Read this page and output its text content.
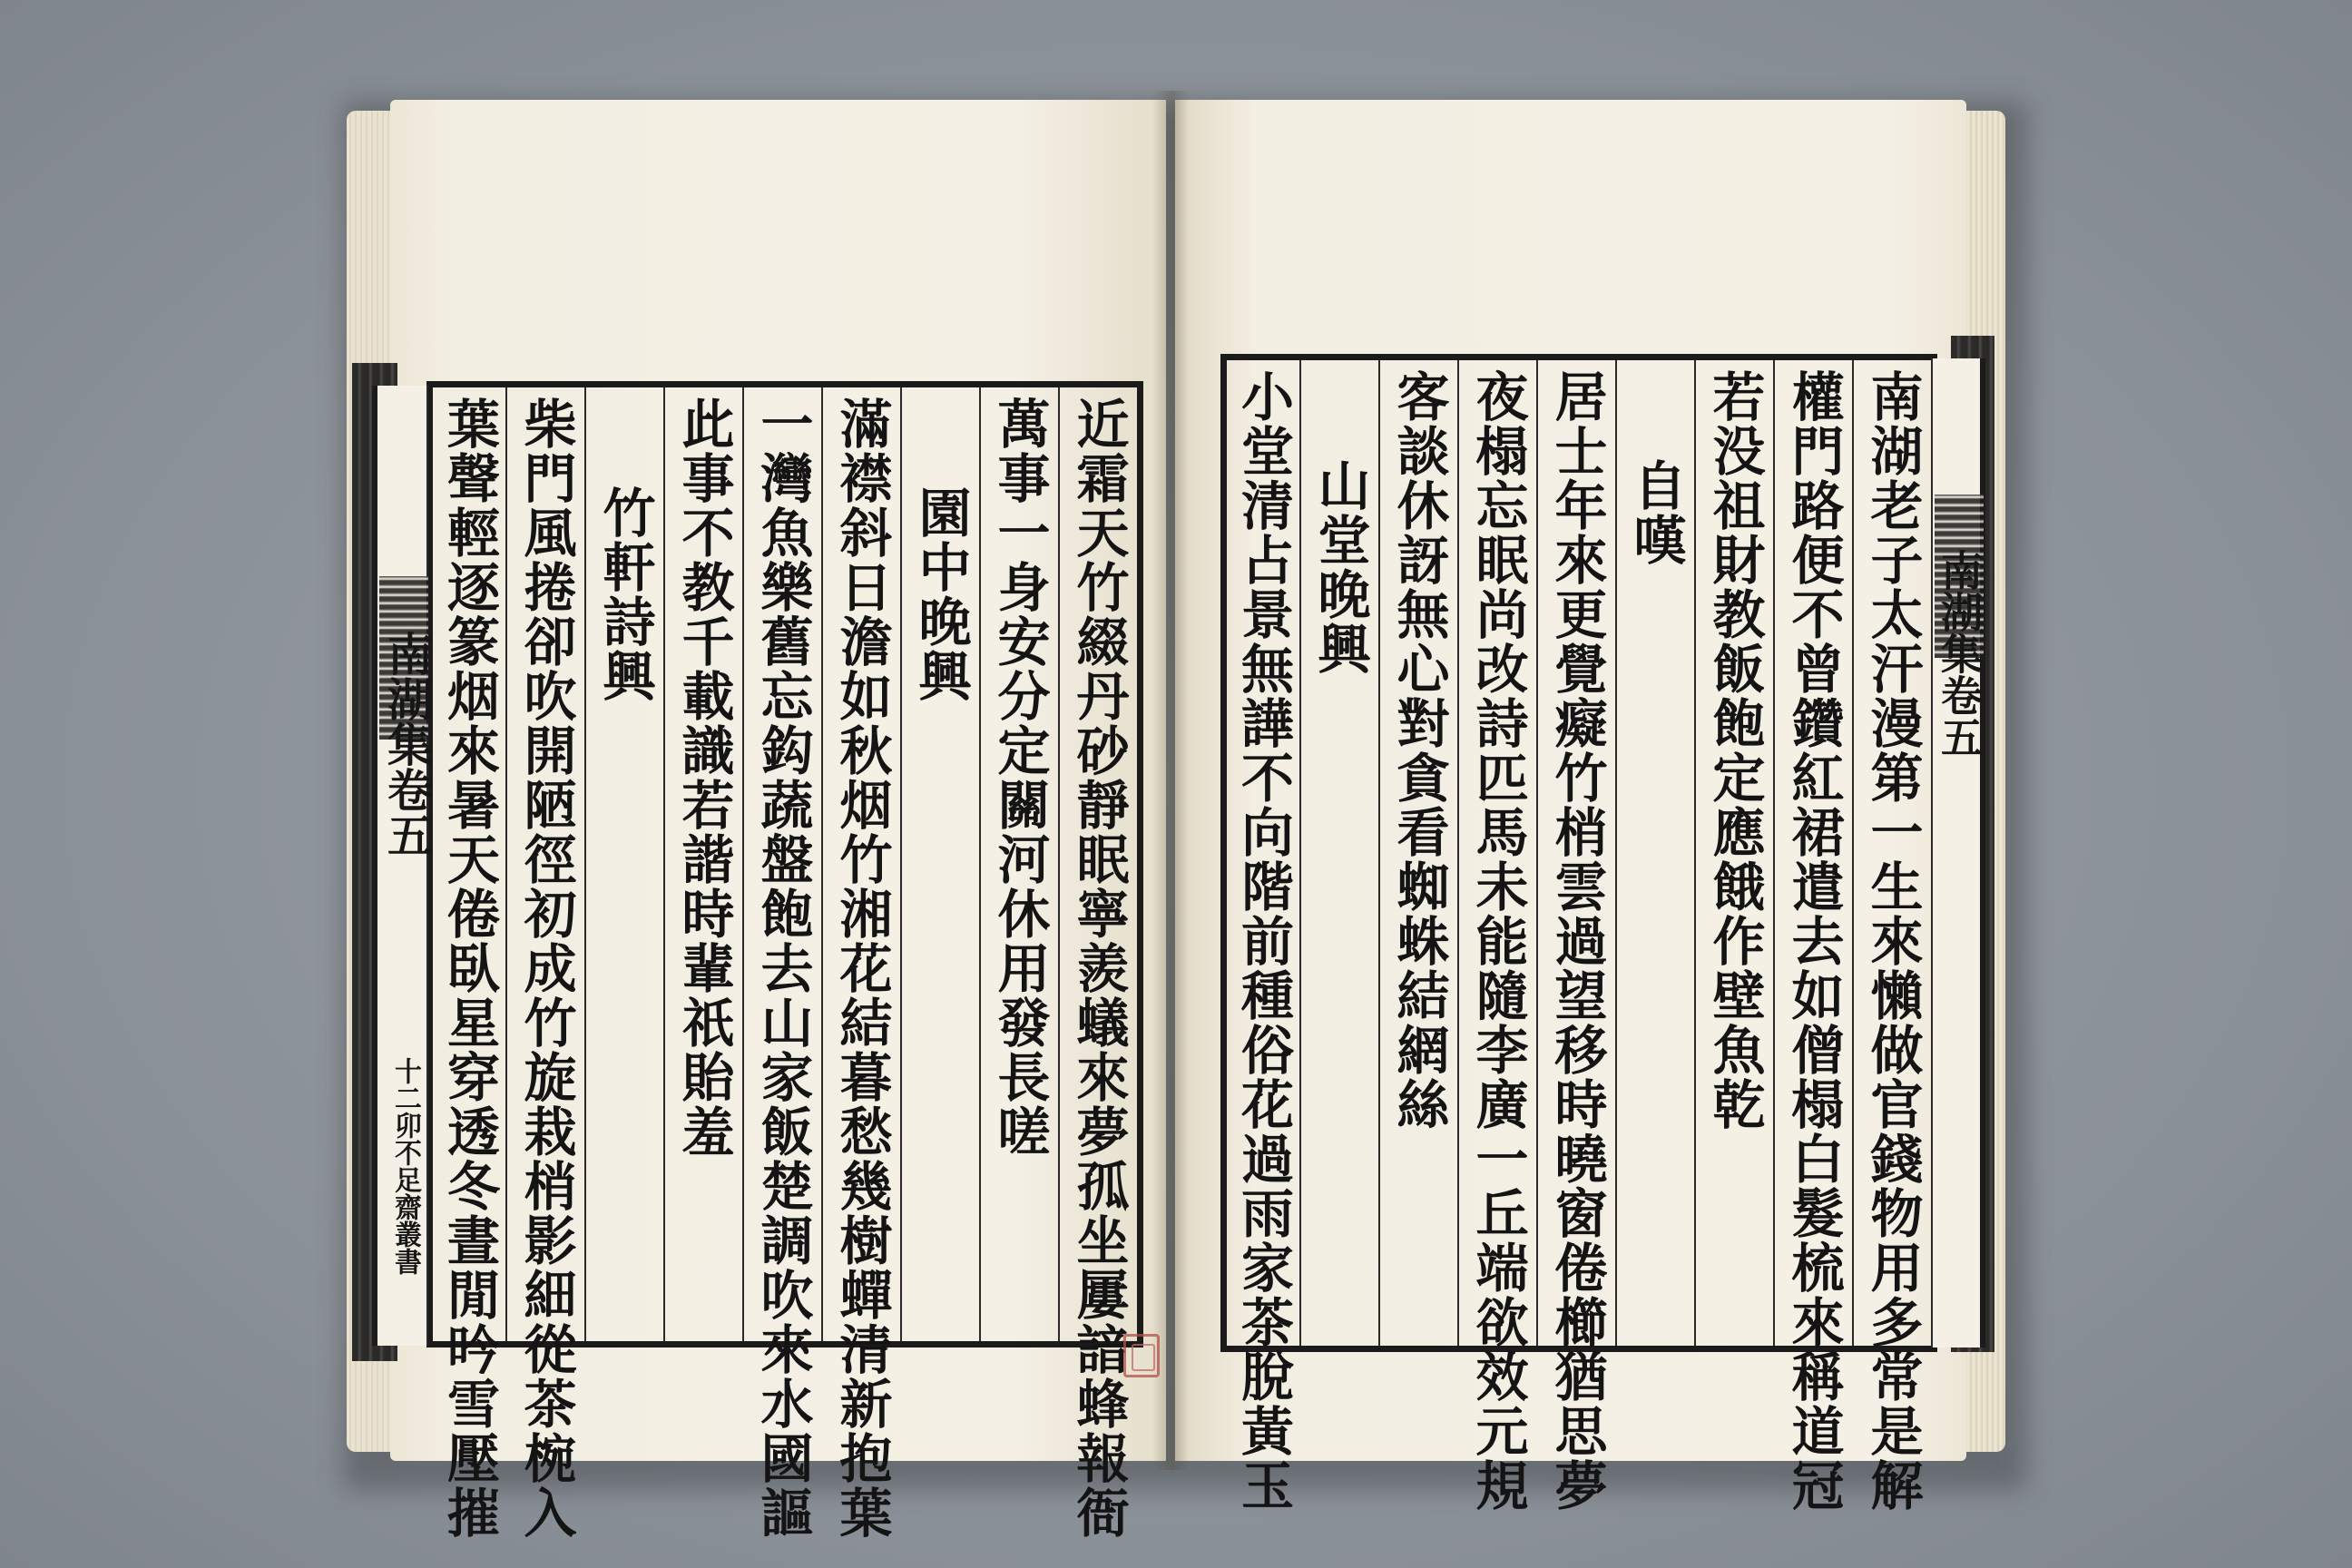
近霜天竹綴丹砂靜眠寧羨蟻來夢孤坐屢諳蜂報衙
萬事一身安分定關河休用發長嗟
園中晚興
滿襟斜日澹如秋烟竹湘花結暮愁幾樹蟬清新抱葉
一灣魚樂舊忘鈎蔬盤飽去山家飯楚調吹來水國謳
此事不教千載識若諧時輩祇貽羞
竹軒詩興
柴門風捲卻吹開陋徑初成竹旋栽梢影細從茶椀入
葉聲輕逐篆烟來暑天倦臥星穿透冬晝閒吟雪壓摧
南湖集卷五
十二卯不足齋叢書	南湖老子太汗漫第一生來懶做官錢物用多常是解
權門路便不曾鑽紅裙遣去如僧榻白髮梳來稱道冠
若没祖財教飯飽定應餓作壁魚乾
自嘆
居士年來更覺癡竹梢雲過望移時曉窗倦櫛猶思夢
夜榻忘眠尚改詩匹馬未能隨李廣一丘端欲效元規
客談休訝無心對貪看蜘蛛結網絲
山堂晚興
小堂清占景無譁不向階前種俗花過雨家茶脫黃玉	南湖集卷五
